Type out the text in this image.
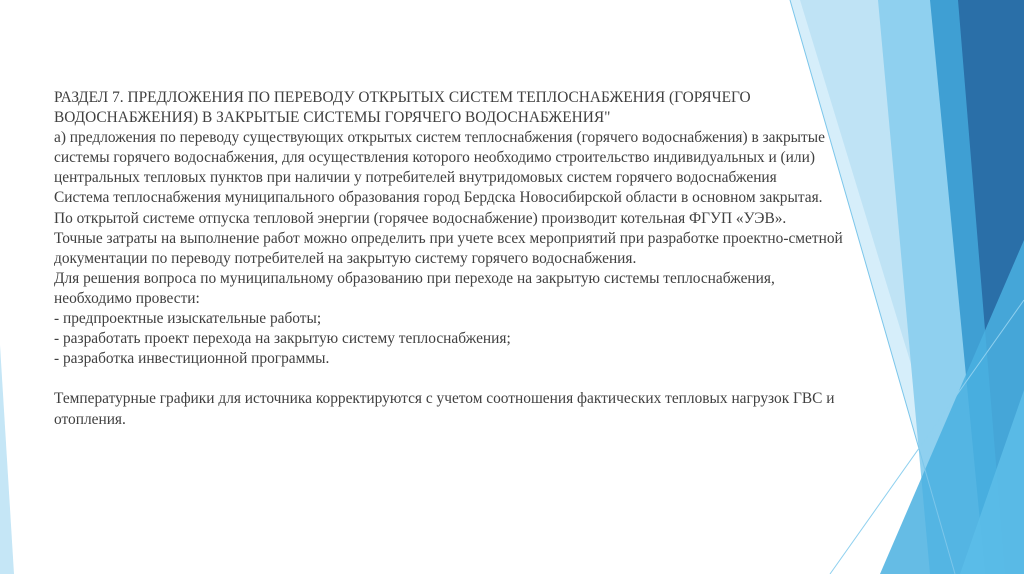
РАЗДЕЛ 7. ПРЕДЛОЖЕНИЯ ПО ПЕРЕВОДУ ОТКРЫТЫХ СИСТЕМ ТЕПЛОСНАБЖЕНИЯ (ГОРЯЧЕГО

ВОДОСНАБЖЕНИЯ) В ЗАКРЫТЫЕ СИСТЕМЫ ГОРЯЧЕГО ВОДОСНАБЖЕНИЯ"

а) предложения по переводу существующих открытых систем теплоснабжения (горячего водоснабжения) в закрытые

системы горячего водоснабжения, для осуществления которого необходимо строительство индивидуальных и (или)

центральных тепловых пунктов при наличии у потребителей внутридомовых систем горячего водоснабжения

Система теплоснабжения муниципального образования город Бердска Новосибирской области в основном закрытая.

По открытой системе отпуска тепловой энергии (горячее водоснабжение) производит котельная ФГУП «УЭВ».

Точные затраты на выполнение работ можно определить при учете всех мероприятий при разработке проектно-сметной

документации по переводу потребителей на закрытую систему горячего водоснабжения.

Для решения вопроса по муниципальному образованию при переходе на закрытую системы теплоснабжения,

необходимо провести:

- предпроектные изыскательные работы;

- разработать проект перехода на закрытую систему теплоснабжения;

- разработка инвестиционной программы.

Температурные графики для источника корректируются с учетом соотношения фактических тепловых нагрузок ГВС и

отопления.
